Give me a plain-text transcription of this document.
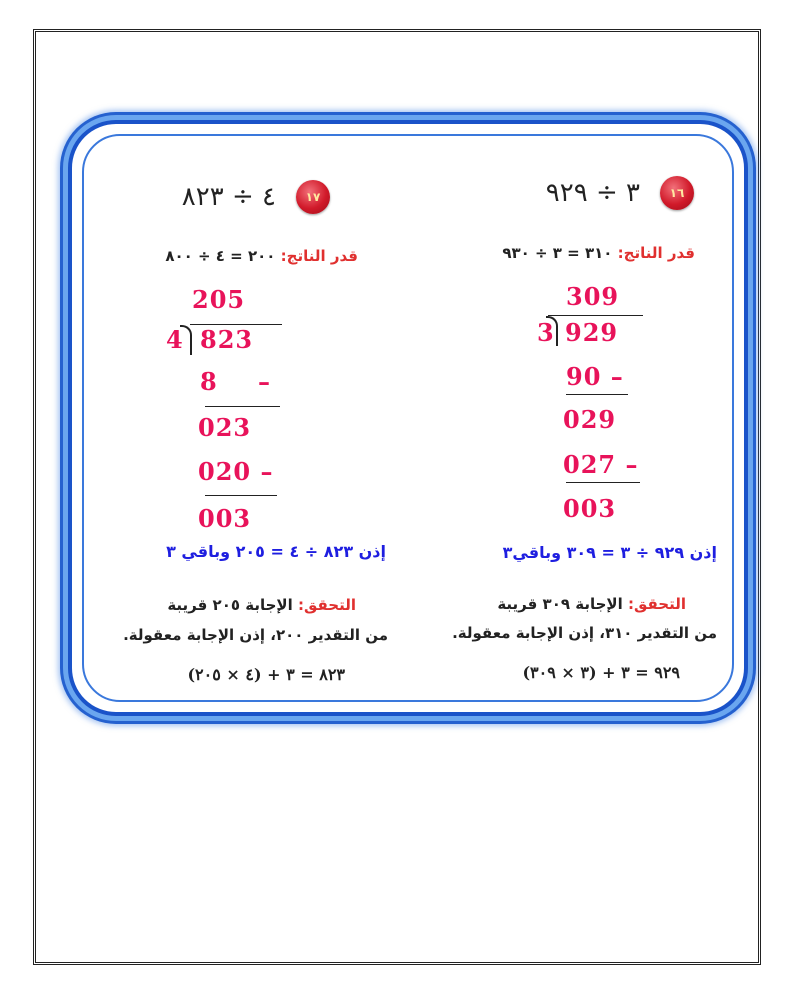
١٦
٣ ÷ ٩٢٩
قدر الناتج: ٣١٠ = ٣ ÷ ٩٣٠
309
3 929
90 –
029
027 –
003
إذن ٩٢٩ ÷ ٣ = ٣٠٩ وباقي٣
التحقق: الإجابة ٣٠٩ قريبة
من التقدير ٣١٠، إذن الإجابة معقولة.
٩٢٩ = ٣ + (٣ × ٣٠٩)
١٧
٤ ÷ ٨٢٣
قدر الناتج: ٢٠٠ = ٤ ÷ ٨٠٠
205
4 823
8 –
023
020 –
003
إذن ٨٢٣ ÷ ٤ = ٢٠٥ وباقي ٣
التحقق: الإجابة ٢٠٥ قريبة
من التقدير ٢٠٠، إذن الإجابة معقولة.
٨٢٣ = ٣ + (٤ × ٢٠٥)
